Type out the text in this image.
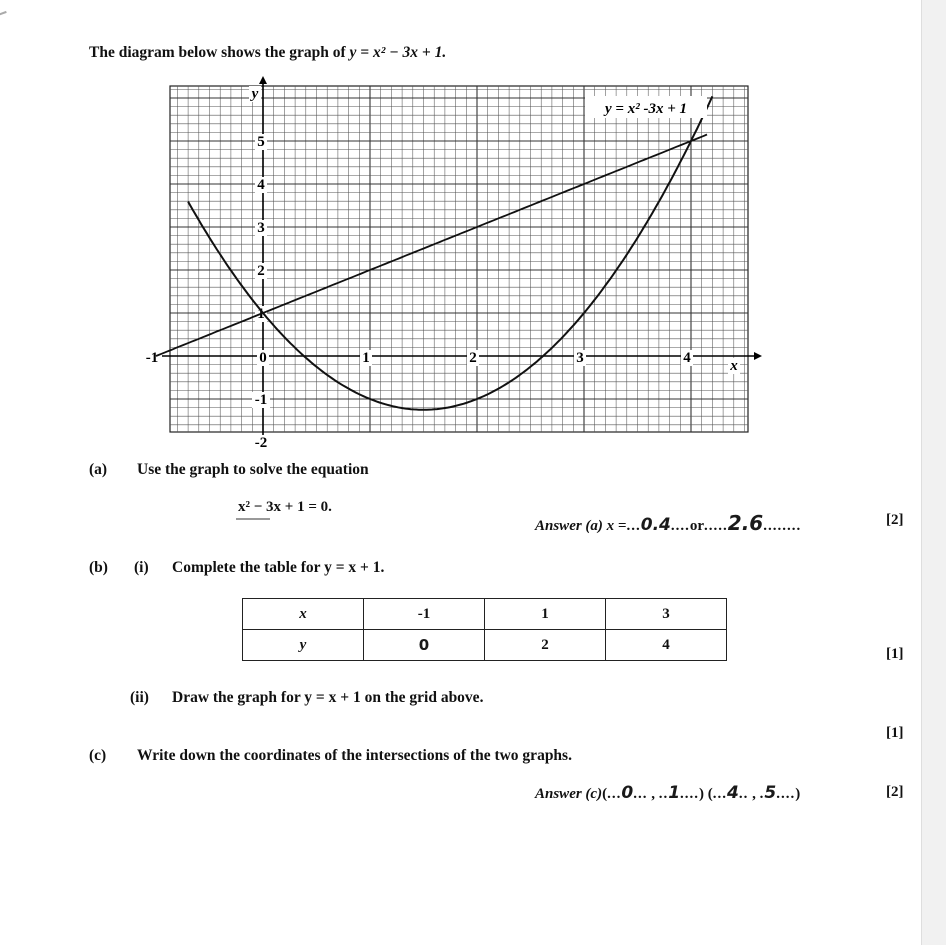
The diagram below shows the graph of y = x² − 3x + 1.
-1	0	1	2	3	4
-2
-1
1
2
3
4
5
y
x
y = x² -3x + 1
(a) Use the graph to solve the equation
x² − 3x + 1 = 0.
Answer (a) x =...0.4....or.....2.6........	[2]
(b) (i) Complete the table for y = x + 1.
x	-1	1	3
y	0	2	4
[1]
(ii) Draw the graph for y = x + 1 on the grid above.
[1]
(c) Write down the coordinates of the intersections of the two graphs.
Answer (c)(...0... , ..1....) (...4.. , .5....)	[2]
